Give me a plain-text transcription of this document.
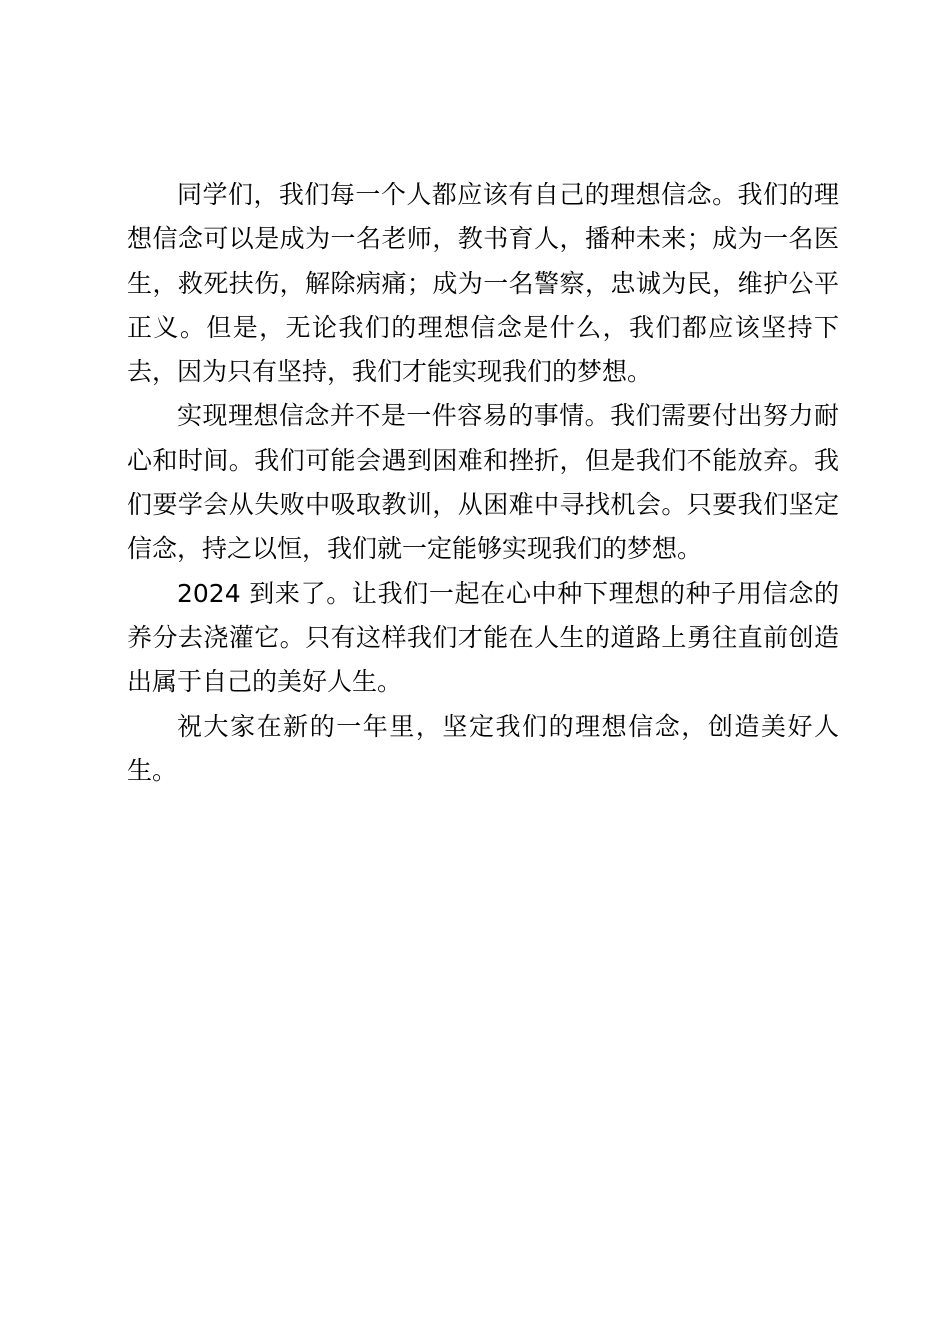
同学们，我们每一个人都应该有自己的理想信念。我们的理想信念可以是成为一名老师，教书育人，播种未来；成为一名医生，救死扶伤，解除病痛；成为一名警察，忠诚为民，维护公平正义。但是，无论我们的理想信念是什么，我们都应该坚持下去，因为只有坚持，我们才能实现我们的梦想。

实现理想信念并不是一件容易的事情。我们需要付出努力耐心和时间。我们可能会遇到困难和挫折，但是我们不能放弃。我们要学会从失败中吸取教训，从困难中寻找机会。只要我们坚定信念，持之以恒，我们就一定能够实现我们的梦想。

2024 到来了。让我们一起在心中种下理想的种子用信念的养分去浇灌它。只有这样我们才能在人生的道路上勇往直前创造出属于自己的美好人生。

祝大家在新的一年里，坚定我们的理想信念，创造美好人生。
